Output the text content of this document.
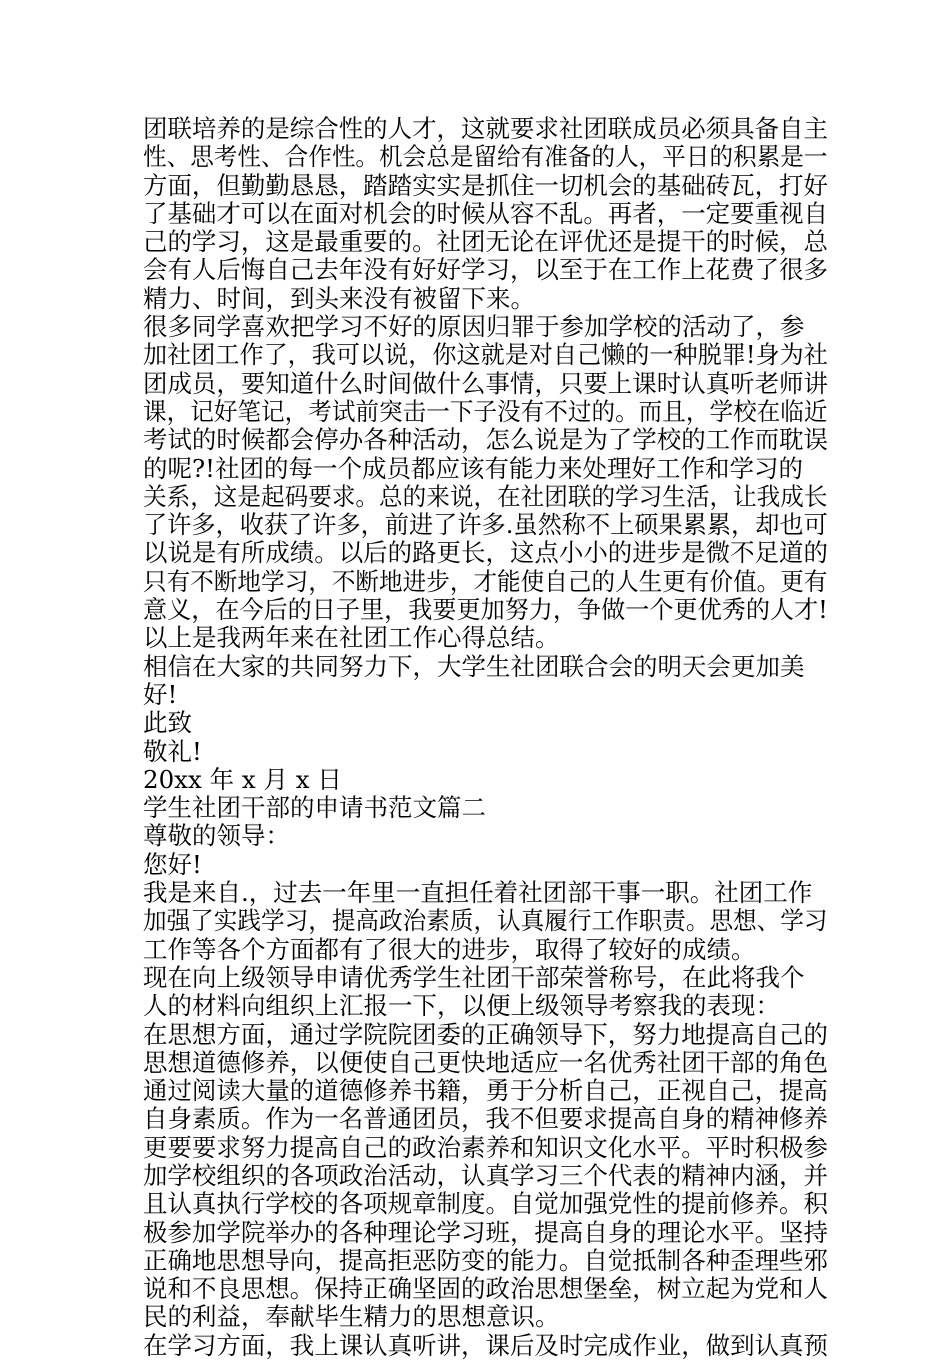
团联培养的是综合性的人才，这就要求社团联成员必须具备自主
性、思考性、合作性。机会总是留给有准备的人，平日的积累是一
方面，但勤勤恳恳，踏踏实实是抓住一切机会的基础砖瓦，打好
了基础才可以在面对机会的时候从容不乱。再者，一定要重视自
己的学习，这是最重要的。社团无论在评优还是提干的时候，总
会有人后悔自己去年没有好好学习，以至于在工作上花费了很多
精力、时间，到头来没有被留下来。
很多同学喜欢把学习不好的原因归罪于参加学校的活动了，参
加社团工作了，我可以说，你这就是对自己懒的一种脱罪!身为社
团成员，要知道什么时间做什么事情，只要上课时认真听老师讲
课，记好笔记，考试前突击一下子没有不过的。而且，学校在临近
考试的时候都会停办各种活动，怎么说是为了学校的工作而耽误
的呢?!社团的每一个成员都应该有能力来处理好工作和学习的
关系，这是起码要求。总的来说，在社团联的学习生活，让我成长
了许多，收获了许多，前进了许多.虽然称不上硕果累累，却也可
以说是有所成绩。以后的路更长，这点小小的进步是微不足道的
只有不断地学习，不断地进步，才能使自己的人生更有价值。更有
意义，在今后的日子里，我要更加努力，争做一个更优秀的人才!
以上是我两年来在社团工作心得总结。
相信在大家的共同努力下，大学生社团联合会的明天会更加美
好!
此致
敬礼!
20xx 年 x 月 x 日
学生社团干部的申请书范文篇二
尊敬的领导：
您好!
我是来自.，过去一年里一直担任着社团部干事一职。社团工作
加强了实践学习，提高政治素质，认真履行工作职责。思想、学习
工作等各个方面都有了很大的进步，取得了较好的成绩。
现在向上级领导申请优秀学生社团干部荣誉称号，在此将我个
人的材料向组织上汇报一下，以便上级领导考察我的表现：
在思想方面，通过学院院团委的正确领导下，努力地提高自己的
思想道德修养，以便使自己更快地适应一名优秀社团干部的角色
通过阅读大量的道德修养书籍，勇于分析自己，正视自己，提高
自身素质。作为一名普通团员，我不但要求提高自身的精神修养
更要要求努力提高自己的政治素养和知识文化水平。平时积极参
加学校组织的各项政治活动，认真学习三个代表的精神内涵，并
且认真执行学校的各项规章制度。自觉加强党性的提前修养。积
极参加学院举办的各种理论学习班，提高自身的理论水平。坚持
正确地思想导向，提高拒恶防变的能力。自觉抵制各种歪理些邪
说和不良思想。保持正确坚固的政治思想堡垒，树立起为党和人
民的利益，奉献毕生精力的思想意识。
在学习方面，我上课认真听讲，课后及时完成作业，做到认真预
